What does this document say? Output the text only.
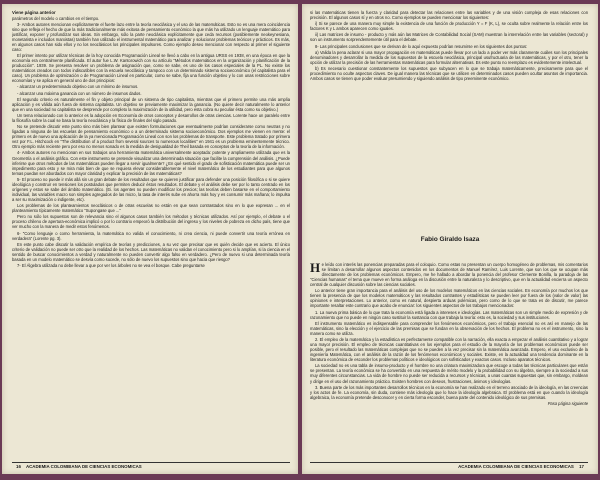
Viene página anterior

parámetros del modelo o cambios en el tiempo.

3- Ambos autores mencionan explícitamente el fuerte lazo entre la teoría neoclásica y el uso de las matemáticas. Esto no es una mera coincidencia sino que refleja el hecho de que la más tradicionalmente más exitosa de pensamiento económico la que más ha utilizado un lenguaje matemático para justificar, exponer y profundizar sus ideas. Sin embargo, sólo la parte neoclásica explícitamente que ceda recursos (posiblemente neokeynesiana, monetarista e incluidos marxistas) también han utilizado el instrumental matemático para analizar y solucionar problemas teóricos y prácticos. Es más, en algunos casos han sido ellos y no los neoclásicos los principales impulsores. Como ejemplo deseo mencionar con respecto al primer el siguiente caso:

El primer intento por utilizar técnicas de la hoy conocida Programación Lineal se llevó a cabo en la antigua URSS en 1938, en una época en que la economía era centralmente planificada. El autor fue L.W. Kantorowich con su artículo "Métodos matemáticos en la organización y planificación de la producción". 1939. Se presenta resolver un problema de asignación que, como se sabe, es uno de los casos especiales de la PL. No existe los matemáticos creados con todos indiscutibles con la escuela neoclásica y tampoco con un determinado sistema socioeconómico (el capitalista para el caso). Un problema de optimización o de Programación Lineal en particular, como se sabe, fija una función objetivo y lo con unas restricciones sobre economías y se aplica en general uno de dos principios:

- alcanzar un predeterminado objetivo con un mínimo de insumos.

- alcanzar una máxima ganancia con un número de insumos dados.

El segundo criterio es naturalmente el fin y objeto principal de un sistema de tipo capitalista, mientras que el primero permite una más amplia aplicación y es válida aún fuera de sistema capitalista. Un objetivo se previamente maximizar la ganancia. (No quiere decir naturalmente lo anterior que en una sociedad no capitalista se desprende por completo la maximización de la utilidad, pero ésta cobra su peculiar ésta como su objetivo.)

Un tema relacionado con lo anterior es la adopción en Economía de otros conceptos y desarrollos de otras ciencias. Lorente hace un paralelo entre la filosofía sobre la cual se basa la teoría neoclásica y la física de finales del siglo pasado.

No se pretende discutir este punto sino más bien plantear que existen formulaciones que eventualmente podrían considerarse como neutras y no ligadas a ninguna de las escuelas de pensamiento económico o a un determinado sistema socioeconómico. Dos ejemplos me vienen en mente: el primero es de nuevo una aplicación de la ya mencionada Programación Lineal con son los problemas de transporte. Este problema tratado por primera vez por F.L. Hitchcock en "The distribution of a product from several sources to numerous localities" en 1941 es un problema eminentemente técnico. Otro ejemplo más reciente pero por eso no menos sonado es la medida de desigualdad de Theil basada en conceptos de la teoría de la información.

4- Ambos autores no mencionan en sus trabajos una herramienta matemática universalmente aceptada: potente y ampliamente utilizada que es la Geometría o el análisis gráfico. Con este instrumento se pretende visualizar una determinada situación que facilite la comprensión del análisis. ¿Puede inferirse que otros métodos de las matemáticas pueden llegar a servir igualmente? ¿En qué sentido el grado de sofisticación matemática puede ser un impedimento para esto y se mira más bien de que se requiera elevar considerablemente el nivel matemático de los estudiantes para que algunos temas puedan ser abordados con mayor claridad y explicar la precisión de las matemáticas?

5- El proceso no puede ir más allá sin un gran debate de los resultados que se quieren justificar para defender una posición filosófica o si se quiere ideológica y construir en tensiones los postulados que permiten deducir éstos resultados. El debate y el análisis debe ser por lo tanto centrado en los orígenes y estos se sabe del ámbito matemático. (Ei. los agentes no pueden modificar los precios; las teorías deben basarse en el comportamiento individual, las variables macro son simples agregados de las micro, la tasa de interés sube en ahorra más hoy y es consumir más mañana; lo impulsa a ser su maximización o indigente, etc).

Los problemas de los planteamientos neoclásicos o de otras escuelas no están en que sean contrastados sino en lo que expresan ... en el planteamiento típicamente matemático "Supongase que ..."

Pero no sólo los supuestos son de relevancia sino el algunos casos también los métodos y técnicas utilizados. Así por ejemplo, el debate o el proceso chileno de apertura-económica implicó o por lo contrario empeoró la distribución del ingreso y los niveles de pobreza en dicho país, tiene que ver mucho con la manera de medir estos fenómenos.

6- "Como lenguaje o como herramienta, la matemática no valida el conocimiento, ni crea ciencia, ni puede convertir una teoría errónea en verdadera" (Lorente pg. 3).

En este punto cabe discutir la validación empírica de teorías y predicciones, a su vez que precisar que es quién decide que es acierto. El único criterio de validación no puede ser otro que la realidad de los hechos. Las matemáticas no validan el conocimiento pero si lo amplían, si la ciencia en el sentido de buscar conocimientos a verdad y naturalmente no pueden convertir algo falso en verdadero. ¿Pero de nuevo si una determinada teoría basada en un modelo matemático se desvía como sucede, no sólo de nuevo los supuestos sino que hacia que riesgo?

7- El Álgebra utilizada no debe llevar a que por ver los árboles no se vea el bosque. Cabe preguntarse

16 ACADEMIA COLOMBIANA DE CIENCIAS ECONOMICAS

si las matemáticas tienen la fuerza y claridad para detectar las relaciones entre las variables y de una visión compleja de esas relaciones con precisión. El algunos casos sí y en otros no. Como ejemplos se pueden mencionar los siguientes:

i) Si se parece de una manera muy simple la existencia de una función de producción Y = F (K, L), se oculta sobre realmente la relación entre los factores K y L ambos aparecen como iguales.

ii) Las matrices de insumo - producto y más aún las Matrices de Contabilidad Social (SAM) muestran la interrelación entre las variables (sectoral) y son un instrumento sorprendentemente útil para el debate.

8- Las principales conclusiones que se derivan de lo aquí expuesto podrían resumirse en los siguientes dos puntos:

a) Valida la pena aclarar si una mayor propagación en matemáticas puede llevar por un lado a poder ver más claramente cuáles son los principales denominadores y desarrollar la medida de los supuestos de la escuela neoclásica, principal usufructuaria de las matemáticas, y por el otro, tener la opción de utilizar la precisión de las herramientas matemáticas para formular alternativas. Es este punto no reemplazo es evidentemente intelectual.

b) Es necesario cuestionar constantemente los supuestos que subyacen en lo que se trabaja matemáticamente, precisamente para que el procedimiento no oculte aspectos claves. De igual manera las técnicas que se utilicen en determinados casos pueden ocultar asuntos de importancia. Ambos casos se tienen que poder evaluar presumiendo y siguiendo análisis de tipo preeminente económico.

Fabio Giraldo Isaza
H e leído con interés las ponencias preparadas para el coloquio. Como estas no presentan un cuerpo homogéneo de problemas, mis comentarios se limitan a desarrollar algunos aspectos contenidos en los documentos de Manuel Ramírez, Luis Lorente, que son los que se ocupan más directamente de los problemas económicos. Empero, me he hallado a abordar la ponencia del profesor Clemente Bonilla, la paradoja de las "Ciencias humanas" el tema que mueve en forma análoga en la discusión entre la naturaleza y lo descriptivo, que en la actualidad encierra un aspecto central de cualquier discusión sobre las ciencias sociales.

Lo anterior tiene gran importancia para el análisis del uso de los modelos matemáticos en las ciencias sociales. En economía por muchos los que tienen la presencia de que los modelos matemáticos y las resultados contrastes y estadísticas se pueden leer por fuera de los (valor de valor) las opiniones e interpretaciones. Lo anterior, como es natural, despierta arduas polémicas, pero como de lo que se trata es de discutir, me parece importante resaltar este contrario que acabo de enunciar: los siguientes aspectos de los trabajos mencionados:

1. La nueva prima básica de lo que trata la economía está ligada a intereses e ideologías. Las matemáticas son un simple medio de expresión y de razonamiento que no puede en ningún caso sustituir la sustancia con que trabaja la teoría: esto es, la sociedad y sus instituciones.

El instrumento matemático es indispensable para comprender los fenómenos económicos, pero el trabajo esencial no es así en manejo de las matemáticas, sino la elección y el ejercicio de las premisas que se fundan en la observación de los hechos. El problema no es el instrumento, sino la manera como se utiliza.

2. El empleo de la matemática y la estadística es perfectamente compatible con la narración, ella exacta a empezar el análisis cuantitativo y a lograr una mayor precisión. El empleo de técnicas cuantitativas en los ejemplos para el estudio de la mayoría de los problemas económicos puede ser posible, pero el resultado las matemáticas complejas que no se pueden a la vez precisar sin la matemática avanzada. Empero, el uso exclusivo de la ingeniería Matemática, con el análisis de la razón de los fenómenos económicos y sociales. Existe, en la actualidad una tendencia dominante en la literatura económica de esconder los problemas políticos e ideológicos con sofisticados y exactos casos. Incluso aparatos técnicos.

La sociedad no es una tabla de insumo-producto y el hombre no una criatura maximizadora que escoge a todas las técnicas particulares que están se presentan. La teoría económica se ha convertido en una respuesta de mérito modelo y la probabilidad con su álgebra, siempre a la sociedad a sus muy diferentes circunstancias. La vida de hombre no puede ser reducida a recursos y técnicas, a unas cuantas supuestas que, sin embargo, moldean y dirige en el uso del razonamiento práctico. Existen hombres con deseos, frustraciones, ánimos y ideologías.

3. Buena parte de los más importantes desarrollos técnicos en la economía se han realizado en el terreno asociado de la ideología, en las creencias y los actos de fe. La economía, sin duda, contiene más ideología que lo hace la ideología algebraica. El problema está en que cuando la ideología algebraica, la economía pretende desconocer y en cierta forma esconder, buena parte del contenido ideológico de sus premisas.

Pasa página siguiente
ACADEMIA COLOMBIANA DE CIENCIAS ECONOMICAS 17
